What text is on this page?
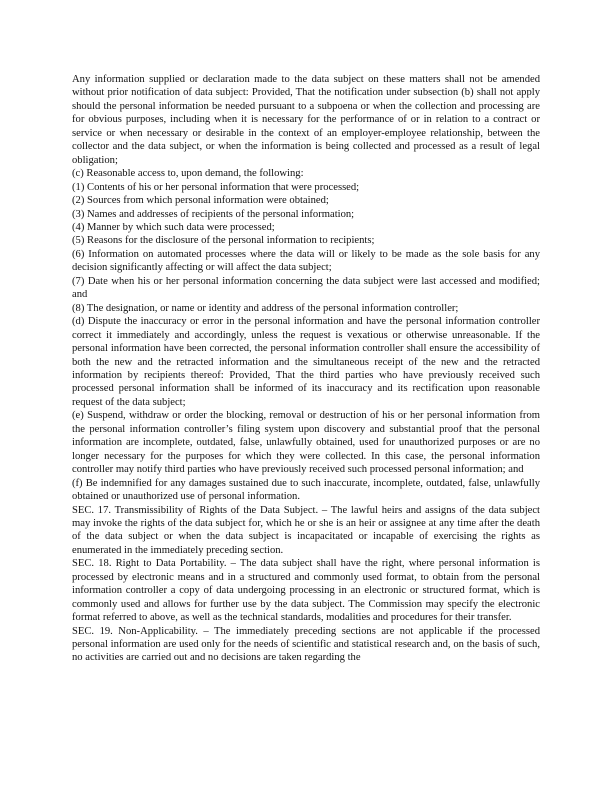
Any information supplied or declaration made to the data subject on these matters shall not be amended without prior notification of data subject: Provided, That the notification under subsection (b) shall not apply should the personal information be needed pursuant to a subpoena or when the collection and processing are for obvious purposes, including when it is necessary for the performance of or in relation to a contract or service or when necessary or desirable in the context of an employer-employee relationship, between the collector and the data subject, or when the information is being collected and processed as a result of legal obligation;

(c) Reasonable access to, upon demand, the following:

(1) Contents of his or her personal information that were processed;

(2) Sources from which personal information were obtained;

(3) Names and addresses of recipients of the personal information;

(4) Manner by which such data were processed;

(5) Reasons for the disclosure of the personal information to recipients;

(6) Information on automated processes where the data will or likely to be made as the sole basis for any decision significantly affecting or will affect the data subject;

(7) Date when his or her personal information concerning the data subject were last accessed and modified; and

(8) The designation, or name or identity and address of the personal information controller;

(d) Dispute the inaccuracy or error in the personal information and have the personal information controller correct it immediately and accordingly, unless the request is vexatious or otherwise unreasonable. If the personal information have been corrected, the personal information controller shall ensure the accessibility of both the new and the retracted information and the simultaneous receipt of the new and the retracted information by recipients thereof: Provided, That the third parties who have previously received such processed personal information shall be informed of its inaccuracy and its rectification upon reasonable request of the data subject;

(e) Suspend, withdraw or order the blocking, removal or destruction of his or her personal information from the personal information controller’s filing system upon discovery and substantial proof that the personal information are incomplete, outdated, false, unlawfully obtained, used for unauthorized purposes or are no longer necessary for the purposes for which they were collected. In this case, the personal information controller may notify third parties who have previously received such processed personal information; and

(f) Be indemnified for any damages sustained due to such inaccurate, incomplete, outdated, false, unlawfully obtained or unauthorized use of personal information.

SEC. 17. Transmissibility of Rights of the Data Subject. – The lawful heirs and assigns of the data subject may invoke the rights of the data subject for, which he or she is an heir or assignee at any time after the death of the data subject or when the data subject is incapacitated or incapable of exercising the rights as enumerated in the immediately preceding section.

SEC. 18. Right to Data Portability. – The data subject shall have the right, where personal information is processed by electronic means and in a structured and commonly used format, to obtain from the personal information controller a copy of data undergoing processing in an electronic or structured format, which is commonly used and allows for further use by the data subject. The Commission may specify the electronic format referred to above, as well as the technical standards, modalities and procedures for their transfer.

SEC. 19. Non-Applicability. – The immediately preceding sections are not applicable if the processed personal information are used only for the needs of scientific and statistical research and, on the basis of such, no activities are carried out and no decisions are taken regarding the
